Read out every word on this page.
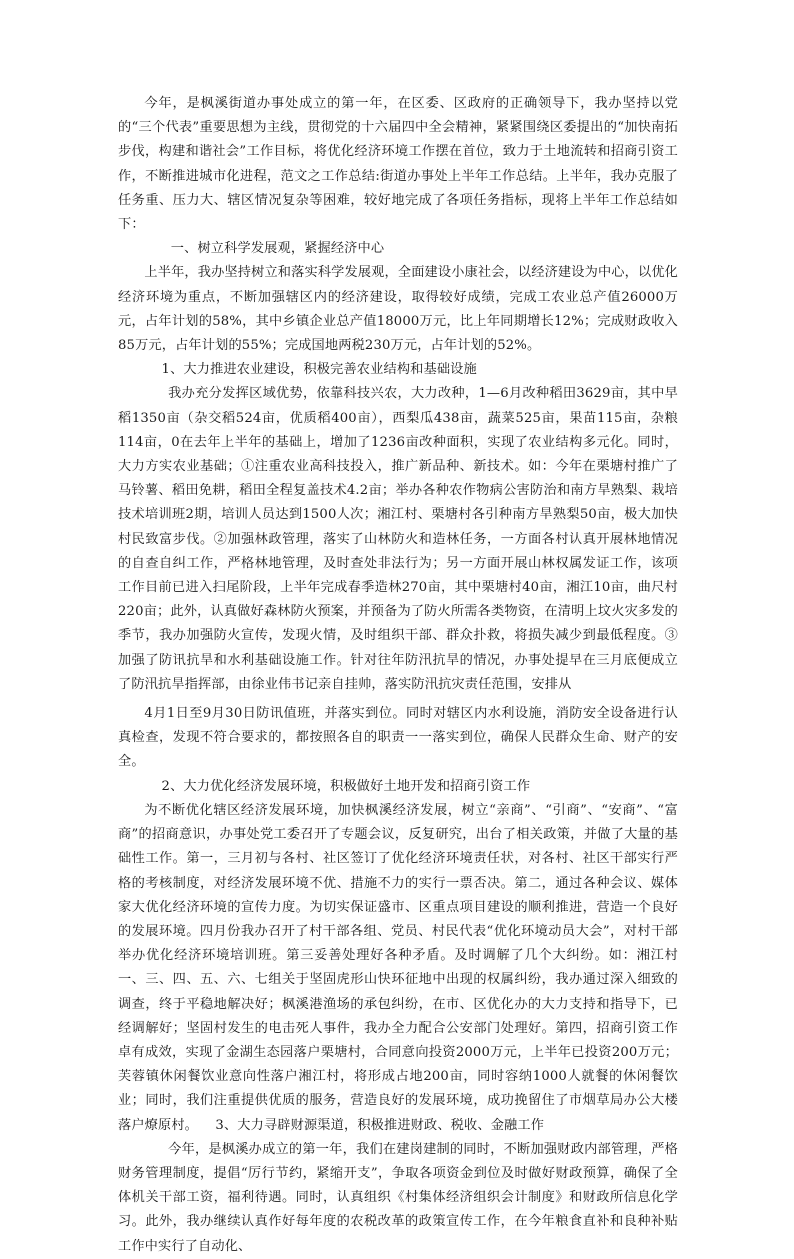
今年，是枫溪街道办事处成立的第一年，在区委、区政府的正确领导下，我办坚持以党的“三个代表”重要思想为主线，贯彻党的十六届四中全会精神，紧紧围绕区委提出的“加快南拓步伐，构建和谐社会”工作目标，将优化经济环境工作摆在首位，致力于土地流转和招商引资工作，不断推进城市化进程，范文之工作总结:街道办事处上半年工作总结。上半年，我办克服了任务重、压力大、辖区情况复杂等困难，较好地完成了各项任务指标，现将上半年工作总结如下：

一、树立科学发展观，紧握经济中心

上半年，我办坚持树立和落实科学发展观，全面建设小康社会，以经济建设为中心，以优化经济环境为重点，不断加强辖区内的经济建设，取得较好成绩，完成工农业总产值26000万元，占年计划的58%，其中乡镇企业总产值18000万元，比上年同期增长12%；完成财政收入85万元，占年计划的55%；完成国地两税230万元，占年计划的52%。

1、大力推进农业建设，积极完善农业结构和基础设施

我办充分发挥区域优势，依靠科技兴农，大力改种，1—6月改种稻田3629亩，其中早稻1350亩（杂交稻524亩，优质稻400亩），西梨瓜438亩，蔬菜525亩，果苗115亩，杂粮114亩，0在去年上半年的基础上，增加了1236亩改种面积，实现了农业结构多元化。同时，大力方实农业基础；①注重农业高科技投入，推广新品种、新技术。如：今年在栗塘村推广了马铃薯、稻田免耕，稻田全程复盖技术4.2亩；举办各种农作物病公害防治和南方旱熟梨、栽培技术培训班2期，培训人员达到1500人次；湘江村、栗塘村各引种南方旱熟梨50亩，极大加快村民致富步伐。②加强林政管理，落实了山林防火和造林任务，一方面各村认真开展林地情况的自查自纠工作，严格林地管理，及时查处非法行为；另一方面开展山林权属发证工作，该项工作目前已进入扫尾阶段，上半年完成春季造林270亩，其中栗塘村40亩，湘江10亩，曲尺村220亩；此外，认真做好森林防火预案，并预备为了防火所需各类物资，在清明上坟火灾多发的季节，我办加强防火宣传，发现火情，及时组织干部、群众扑救，将损失减少到最低程度。③加强了防讯抗旱和水利基础设施工作。针对往年防汛抗旱的情况，办事处提早在三月底便成立了防汛抗旱指挥部，由徐业伟书记亲自挂帅，落实防汛抗灾责任范围，安排从

4月1日至9月30日防讯值班，并落实到位。同时对辖区内水利设施，消防安全设备进行认真检查，发现不符合要求的，都按照各自的职责一一落实到位，确保人民群众生命、财产的安全。

2、大力优化经济发展环境，积极做好土地开发和招商引资工作

为不断优化辖区经济发展环境，加快枫溪经济发展，树立“亲商”、“引商”、“安商”、“富商”的招商意识，办事处党工委召开了专题会议，反复研究，出台了相关政策，并做了大量的基础性工作。第一，三月初与各村、社区签订了优化经济环境责任状，对各村、社区干部实行严格的考核制度，对经济发展环境不优、措施不力的实行一票否决。第二，通过各种会议、媒体家大优化经济环境的宣传力度。为切实保证盛市、区重点项目建设的顺利推进，营造一个良好的发展环境。四月份我办召开了村干部各组、党员、村民代表“优化环境动员大会”，对村干部举办优化经济环境培训班。第三妥善处理好各种矛盾。及时调解了几个大纠纷。如：湘江村一、三、四、五、六、七组关于坚固虎形山快环征地中出现的权属纠纷，我办通过深入细致的调查，终于平稳地解决好；枫溪港渔场的承包纠纷，在市、区优化办的大力支持和指导下，已经调解好；坚固村发生的电击死人事件，我办全力配合公安部门处理好。第四，招商引资工作卓有成效，实现了金湖生态园落户栗塘村，合同意向投资2000万元，上半年已投资200万元；芙蓉镇休闲餐饮业意向性落户湘江村，将形成占地200亩，同时容纳1000人就餐的休闲餐饮业；同时，我们注重提供优质的服务，营造良好的发展环境，成功挽留住了市烟草局办公大楼落户燎原村。 3、大力寻辟财源渠道，积极推进财政、税收、金融工作

今年，是枫溪办成立的第一年，我们在建岗建制的同时，不断加强财政内部管理，严格财务管理制度，提倡“厉行节约，紧缩开支”，争取各项资金到位及时做好财政预算，确保了全体机关干部工资，福利待遇。同时，认真组织《村集体经济组织会计制度》和财政所信息化学习。此外，我办继续认真作好每年度的农税改革的政策宣传工作，在今年粮食直补和良种补贴工作中实行了自动化、
